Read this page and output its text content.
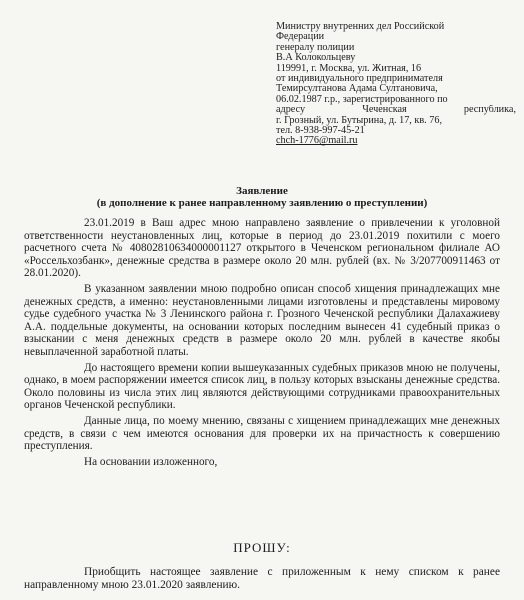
Министру внутренних дел Российской
Федерации
генералу полиции
В.А Колокольцеву
119991, г. Москва, ул. Житная, 16
от индивидуального предпринимателя
Темирсултанова Адама Султановича,
06.02.1987 г.р., зарегистрированного по
адресу Чеченская республика,
г. Грозный, ул. Бутырина, д. 17, кв. 76,
тел. 8-938-997-45-21
chch-1776@mail.ru
Заявление
(в дополнение к ранее направленному заявлению о преступлении)

23.01.2019 в Ваш адрес мною направлено заявление о привлечении к уголовной ответственности неустановленных лиц, которые в период до 23.01.2019 похитили с моего расчетного счета № 40802810634000001127 открытого в Чеченском региональном филиале АО «Россельхозбанк», денежные средства в размере около 20 млн. рублей (вх. № 3/207700911463 от 28.01.2020).

В указанном заявлении мною подробно описан способ хищения принадлежащих мне денежных средств, а именно: неустановленными лицами изготовлены и представлены мировому судье судебного участка № 3 Ленинского района г. Грозного Чеченской республики Далахажиеву А.А. поддельные документы, на основании которых последним вынесен 41 судебный приказ о взыскании с меня денежных средств в размере около 20 млн. рублей в качестве якобы невыплаченной заработной платы.

До настоящего времени копии вышеуказанных судебных приказов мною не получены, однако, в моем распоряжении имеется список лиц, в пользу которых взысканы денежные средства. Около половины из числа этих лиц являются действующими сотрудниками правоохранительных органов Чеченской республики.

Данные лица, по моему мнению, связаны с хищением принадлежащих мне денежных средств, в связи с чем имеются основания для проверки их на причастность к совершению преступления.

На основании изложенного,

ПРОШУ:

Приобщить настоящее заявление с приложенным к нему списком к ранее направленному мною 23.01.2020 заявлению.
